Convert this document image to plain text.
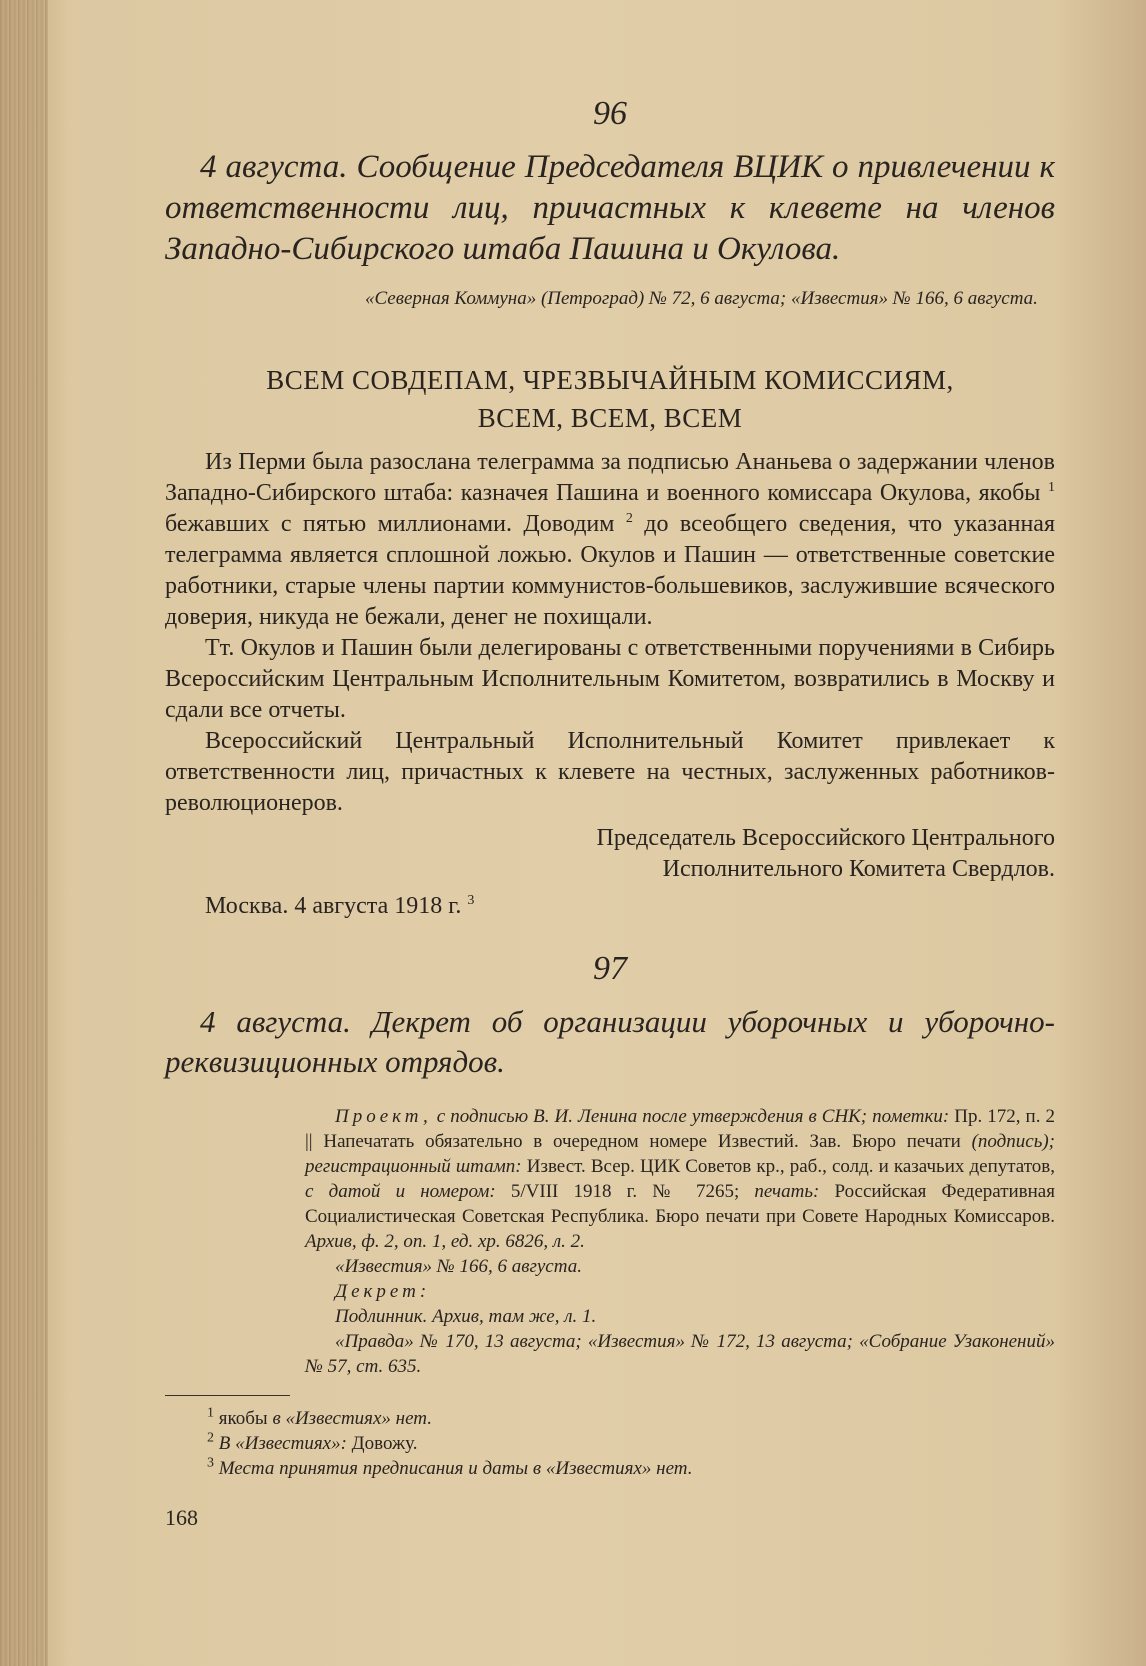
96

4 августа. Сообщение Председателя ВЦИК о привлечении к ответственности лиц, причастных к клевете на членов Западно-Сибирского штаба Пашина и Окулова.

«Северная Коммуна» (Петроград) № 72, 6 августа; «Известия» № 166, 6 августа.

ВСЕМ СОВДЕПАМ, ЧРЕЗВЫЧАЙНЫМ КОМИССИЯМ,
ВСЕМ, ВСЕМ, ВСЕМ

Из Перми была разослана телеграмма за подписью Ананьева о задержании членов Западно-Сибирского штаба: казначея Пашина и военного комиссара Окулова, якобы $^1$ бежавших с пятью миллионами. Доводим $^2$ до всеобщего сведения, что указанная телеграмма является сплошной ложью. Окулов и Пашин — ответственные советские работники, старые члены партии коммунистов-большевиков, заслужившие всяческого доверия, никуда не бежали, денег не похищали.

Тт. Окулов и Пашин были делегированы с ответственными поручениями в Сибирь Всероссийским Центральным Исполнительным Комитетом, возвратились в Москву и сдали все отчеты.

Всероссийский Центральный Исполнительный Комитет привлекает к ответственности лиц, причастных к клевете на честных, заслуженных работников-революционеров.

Председатель Всероссийского Центрального
Исполнительного Комитета Свердлов.

Москва. 4 августа 1918 г. $^3$

97

4 августа. Декрет об организации уборочных и уборочно-реквизиционных отрядов.

Проект, с подписью В. И. Ленина после утверждения в СНК; пометки: Пр. 172, п. 2 || Напечатать обязательно в очередном номере Известий. Зав. Бюро печати (подпись); регистрационный штамп: Извест. Всер. ЦИК Советов кр., раб., солд. и казачьих депутатов, с датой и номером: 5/VIII 1918 г. № 7265; печать: Российская Федеративная Социалистическая Советская Республика. Бюро печати при Совете Народных Комиссаров. Архив, ф. 2, оп. 1, ед. хр. 6826, л. 2.

«Известия» № 166, 6 августа.

Декрет:

Подлинник. Архив, там же, л. 1.

«Правда» № 170, 13 августа; «Известия» № 172, 13 августа; «Собрание Узаконений» № 57, ст. 635.

$^1$ якобы в «Известиях» нет.

$^2$ В «Известиях»: Довожу.

$^3$ Места принятия предписания и даты в «Известиях» нет.

168
